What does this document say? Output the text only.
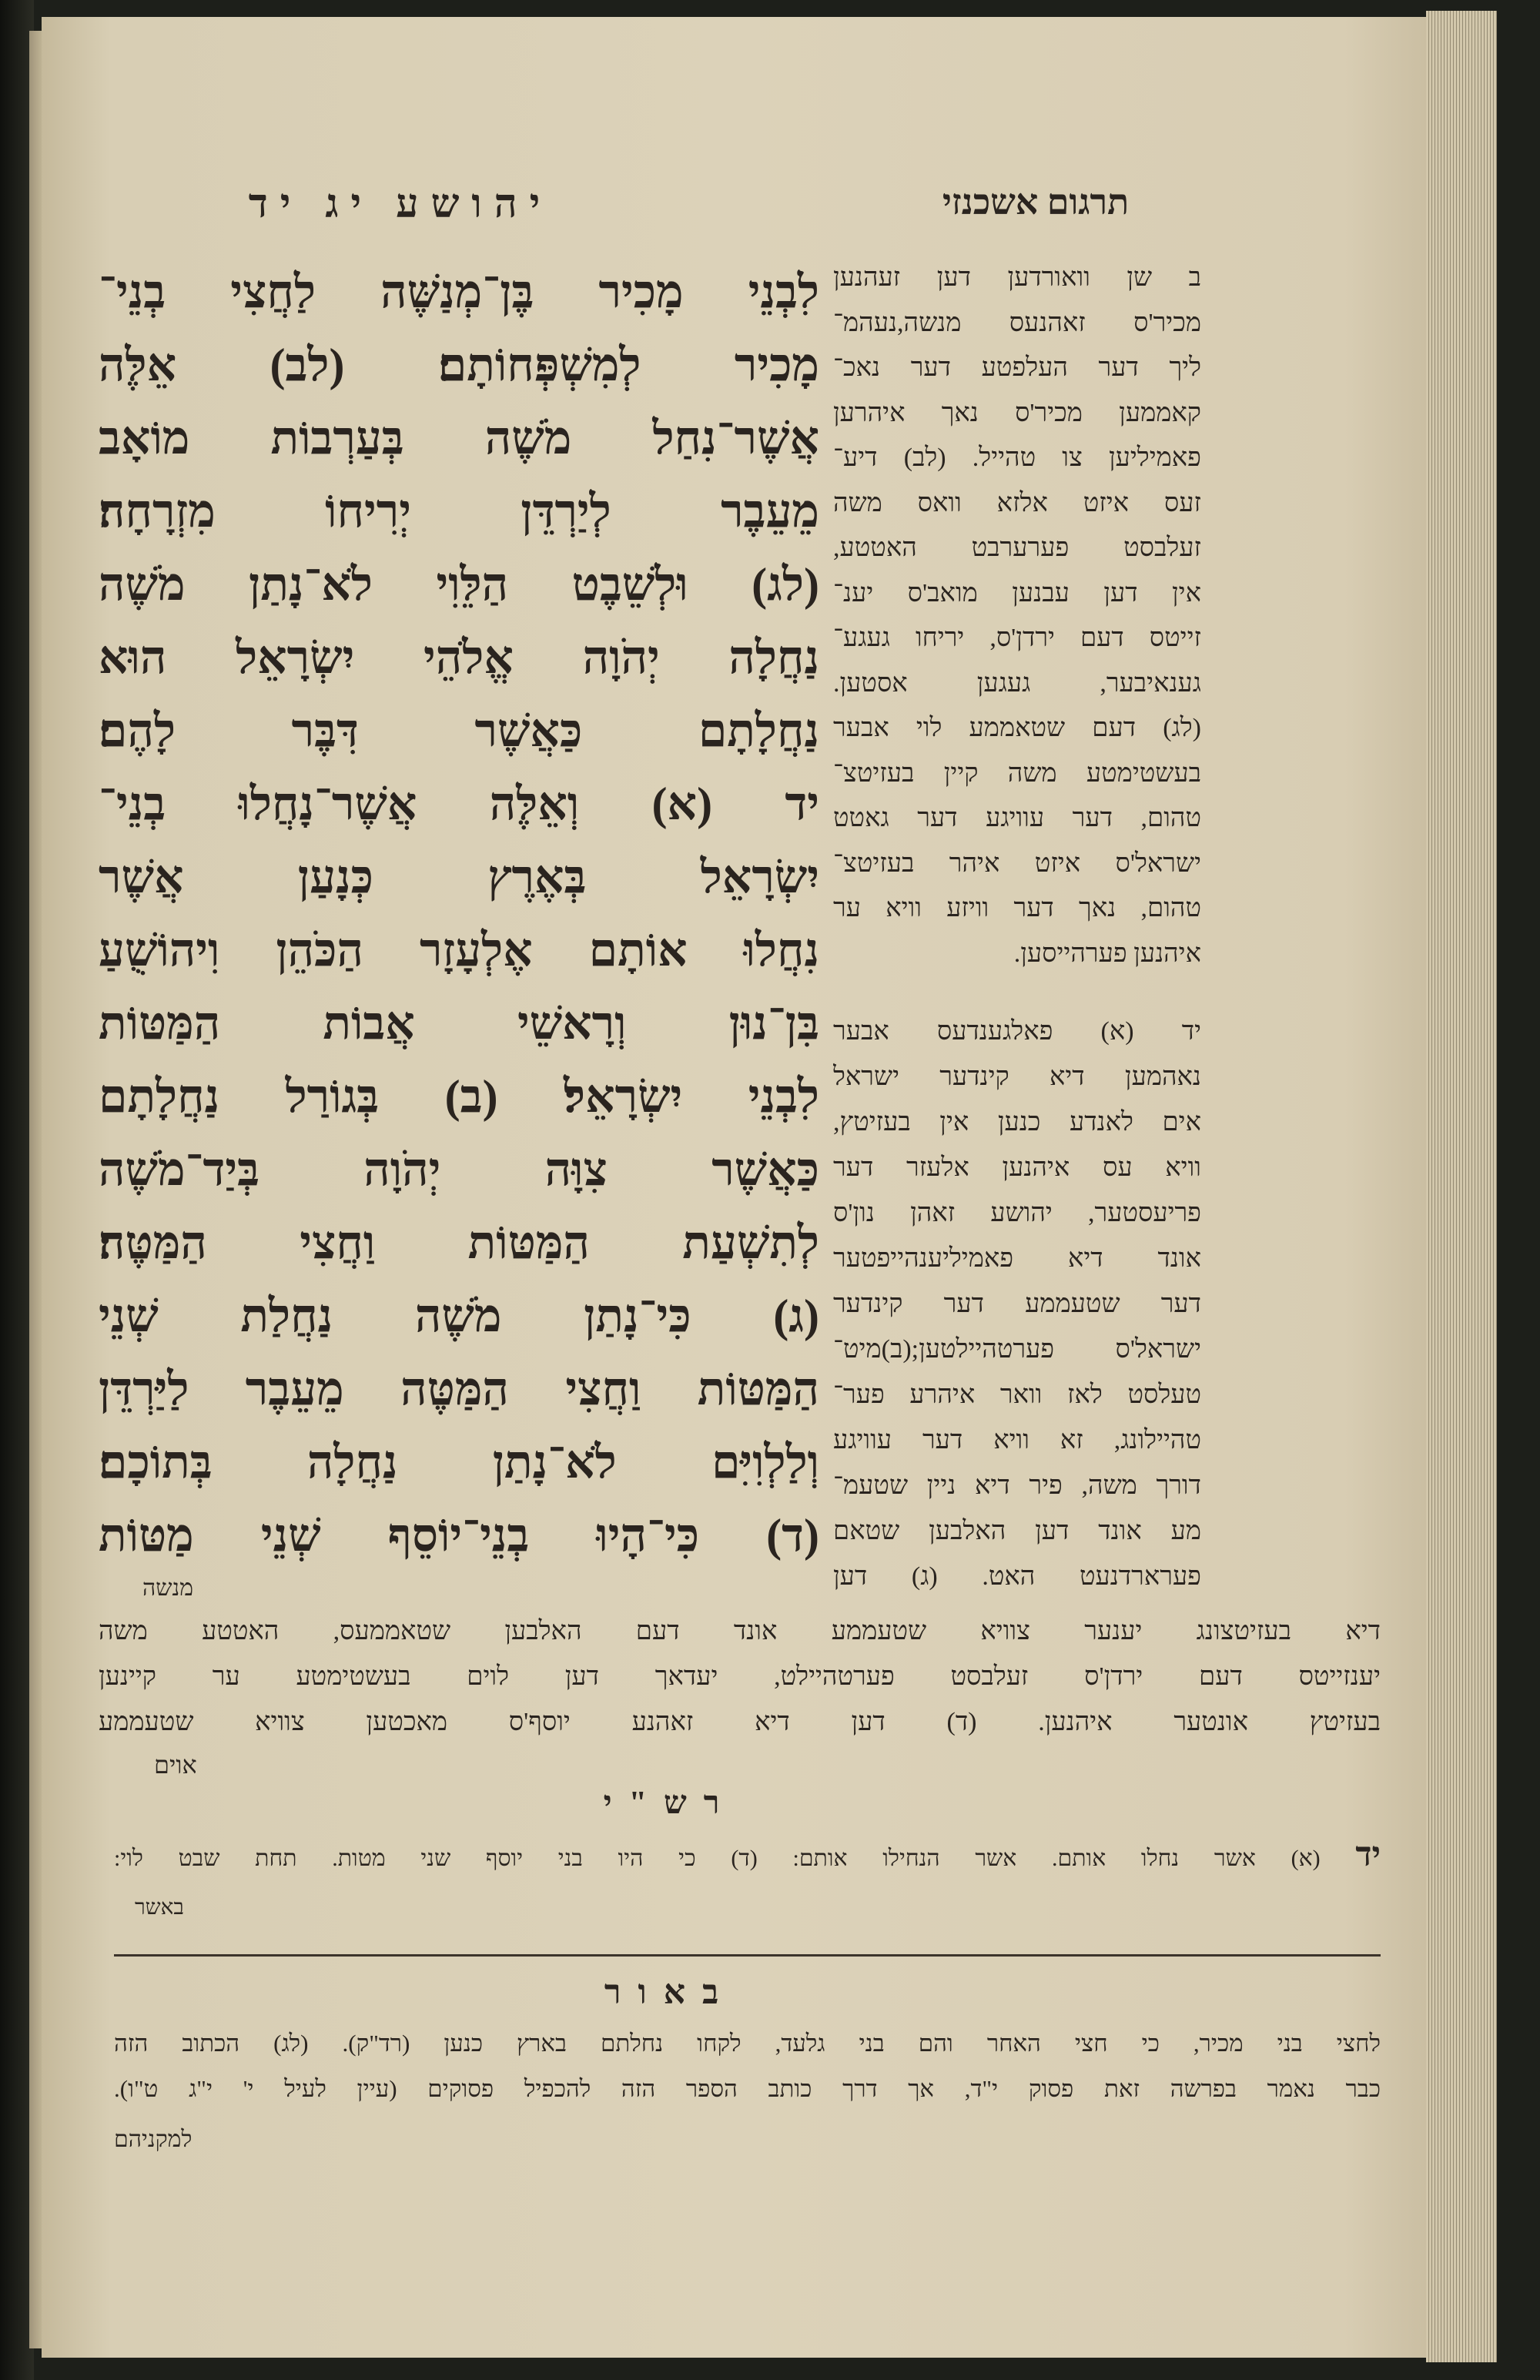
יהושע יג יד	תרגום אשכנזי
לִבְנֵי מָכִיר בֶּן־מְנַשֶּׁה לַחֲצִי בְנֵי־
מָכִיר לְמִשְׁפְּחוֹתָם׃ (לב) אֵלֶּה
אֲשֶׁר־נִחַל מֹשֶׁה בְּעַרְבוֹת מוֹאָב
מֵעֵבֶר לְיַרְדֵּן יְרִיחוֹ מִזְרָחָה׃
(לג) וּלְשֵׁבֶט הַלֵּוִי לֹא־נָתַן מֹשֶׁה
נַחֲלָה יְהֹוָה אֱלֹהֵי יִשְׂרָאֵל הוּא
נַחֲלָתָם כַּאֲשֶׁר דִּבֶּר לָהֶם׃
יד (א) וְאֵלֶּה אֲשֶׁר־נָחֲלוּ בְנֵי־
יִשְׂרָאֵל בְּאֶרֶץ כְּנָעַן אֲשֶׁר
נִחֲלוּ אוֹתָם אֶלְעָזָר הַכֹּהֵן וִיהוֹשֻׁעַ
בִּן־נוּן וְרָאשֵׁי אֲבוֹת הַמַּטּוֹת
לִבְנֵי יִשְׂרָאֵל׃ (ב) בְּגוֹרַל נַחֲלָתָם
כַּאֲשֶׁר צִוָּה יְהֹוָה בְּיַד־מֹשֶׁה
לְתִשְׁעַת הַמַּטּוֹת וַחֲצִי הַמַּטֶּה׃
(ג) כִּי־נָתַן מֹשֶׁה נַחֲלַת שְׁנֵי
הַמַּטּוֹת וַחֲצִי הַמַּטֶּה מֵעֵבֶר לַיַּרְדֵּן
וְלַלְוִיִּם לֹא־נָתַן נַחֲלָה בְּתוֹכָם׃
(ד) כִּי־הָיוּ בְנֵי־יוֹסֵף שְׁנֵי מַטּוֹת
מנשה
ב שן וואורדען דען זעהנען
מכיר'ס זאהנעס מנשה,נעהמ־
ליך דער העלפטע דער נאכ־
קאממען מכיר'ס נאך איהרען
פאמיליען צו טהייל. (לב) דיע־
זעס איזט אלזא וואס משה
זעלבסט פערערבט האטטע,
אין דען עבנען מואב'ס יענ־
זייטס דעם ירדן'ס, יריחו געגע־
גענאיבער, געגען אסטען.
(לג) דעם שטאממע לוי אבער
בעשטימטע משה קיין בעזיטצ־
טהום, דער עוויגע דער גאטט
ישראל'ס איזט איהר בעזיטצ־
טהום, נאך דער וויזע וויא ער
איהנען פערהייסען.
יד (א) פאלגענדעס אבער
נאהמען דיא קינדער ישראל
אים לאנדע כנען אין בעזיטץ,
וויא עס איהנען אלעזר דער
פריעסטער, יהושע זאהן נון'ס
אונד דיא פאמיליענהייפטער
דער שטעממע דער קינדער
ישראל'ס פערטהיילטען;(ב)מיט־
טעלסט לאז וואר איהרע פער־
טהיילונג, זא וויא דער עוויגע
דורך משה, פיר דיא ניין שטעמ־
מע אונד דען האלבען שטאם
פערארדנעט האט. (ג) דען
דיא בעזיטצונג יענער צוויא שטעממע אונד דעם האלבען שטאממעס, האטטע משה
יענזייטס דעם ירדן'ס זעלבסט פערטהיילט, יעדאך דען לוים בעשטימטע ער קיינען
בעזיטץ אונטער איהנען. (ד) דען דיא זאהנע יוסף'ס מאכטען צוויא שטעממע
אוים
רש"י
יד (א) אשר נחלו אותם. אשר הנחילו אותם: (ד) כי היו בני יוסף שני מטות. תחת שבט לוי:
באשר
באור
לחצי בני מכיר, כי חצי האחר והם בני גלעד, לקחו נחלתם בארץ כנען (רד"ק). (לג) הכתוב הזה
כבר נאמר בפרשה זאת פסוק י"ד, אך דרך כותב הספר הזה להכפיל פסוקים (עיין לעיל י' י"ג ט"ו).
למקניהם
